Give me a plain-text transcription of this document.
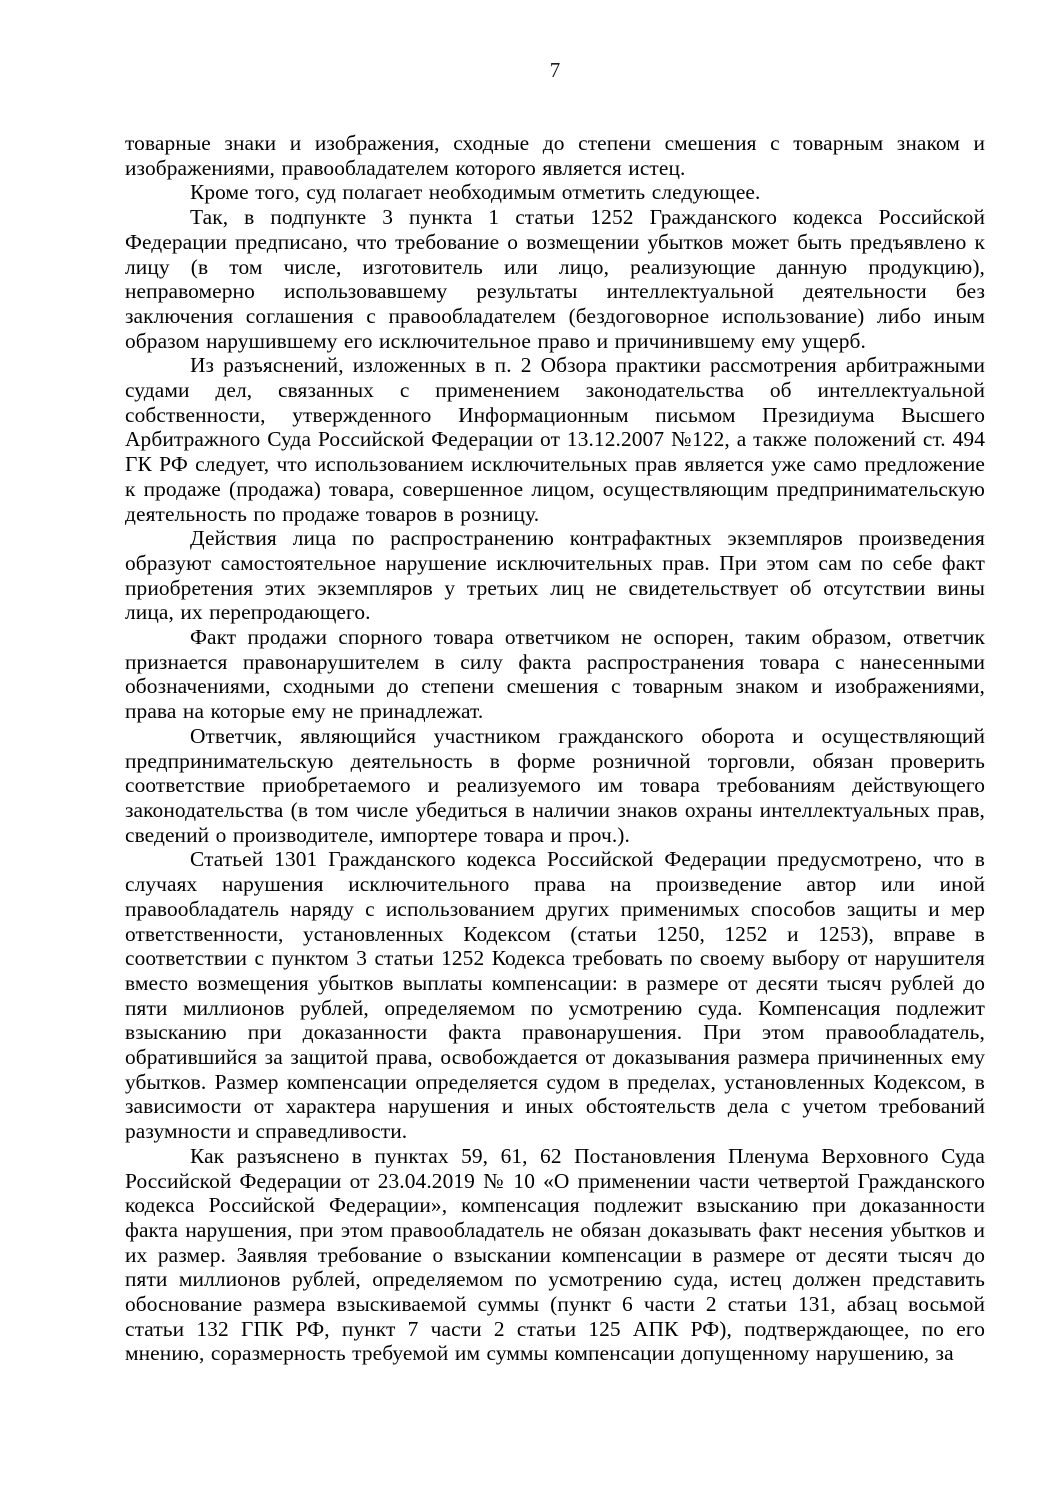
7

товарные знаки и изображения, сходные до степени смешения с товарным знаком и изображениями, правообладателем которого является истец.

Кроме того, суд полагает необходимым отметить следующее.

Так, в подпункте 3 пункта 1 статьи 1252 Гражданского кодекса Российской Федерации предписано, что требование о возмещении убытков может быть предъявлено к лицу (в том числе, изготовитель или лицо, реализующие данную продукцию), неправомерно использовавшему результаты интеллектуальной деятельности без заключения соглашения с правообладателем (бездоговорное использование) либо иным образом нарушившему его исключительное право и причинившему ему ущерб.

Из разъяснений, изложенных в п. 2 Обзора практики рассмотрения арбитражными судами дел, связанных с применением законодательства об интеллектуальной собственности, утвержденного Информационным письмом Президиума Высшего Арбитражного Суда Российской Федерации от 13.12.2007 №122, а также положений ст. 494 ГК РФ следует, что использованием исключительных прав является уже само предложение к продаже (продажа) товара, совершенное лицом, осуществляющим предпринимательскую деятельность по продаже товаров в розницу.

Действия лица по распространению контрафактных экземпляров произведения образуют самостоятельное нарушение исключительных прав. При этом сам по себе факт приобретения этих экземпляров у третьих лиц не свидетельствует об отсутствии вины лица, их перепродающего.

Факт продажи спорного товара ответчиком не оспорен, таким образом, ответчик признается правонарушителем в силу факта распространения товара с нанесенными обозначениями, сходными до степени смешения с товарным знаком и изображениями, права на которые ему не принадлежат.

Ответчик, являющийся участником гражданского оборота и осуществляющий предпринимательскую деятельность в форме розничной торговли, обязан проверить соответствие приобретаемого и реализуемого им товара требованиям действующего законодательства (в том числе убедиться в наличии знаков охраны интеллектуальных прав, сведений о производителе, импортере товара и проч.).

Статьей 1301 Гражданского кодекса Российской Федерации предусмотрено, что в случаях нарушения исключительного права на произведение автор или иной правообладатель наряду с использованием других применимых способов защиты и мер ответственности, установленных Кодексом (статьи 1250, 1252 и 1253), вправе в соответствии с пунктом 3 статьи 1252 Кодекса требовать по своему выбору от нарушителя вместо возмещения убытков выплаты компенсации: в размере от десяти тысяч рублей до пяти миллионов рублей, определяемом по усмотрению суда. Компенсация подлежит взысканию при доказанности факта правонарушения. При этом правообладатель, обратившийся за защитой права, освобождается от доказывания размера причиненных ему убытков. Размер компенсации определяется судом в пределах, установленных Кодексом, в зависимости от характера нарушения и иных обстоятельств дела с учетом требований разумности и справедливости.

Как разъяснено в пунктах 59, 61, 62 Постановления Пленума Верховного Суда Российской Федерации от 23.04.2019 № 10 «О применении части четвертой Гражданского кодекса Российской Федерации», компенсация подлежит взысканию при доказанности факта нарушения, при этом правообладатель не обязан доказывать факт несения убытков и их размер. Заявляя требование о взыскании компенсации в размере от десяти тысяч до пяти миллионов рублей, определяемом по усмотрению суда, истец должен представить обоснование размера взыскиваемой суммы (пункт 6 части 2 статьи 131, абзац восьмой статьи 132 ГПК РФ, пункт 7 части 2 статьи 125 АПК РФ), подтверждающее, по его мнению, соразмерность требуемой им суммы компенсации допущенному нарушению, за
